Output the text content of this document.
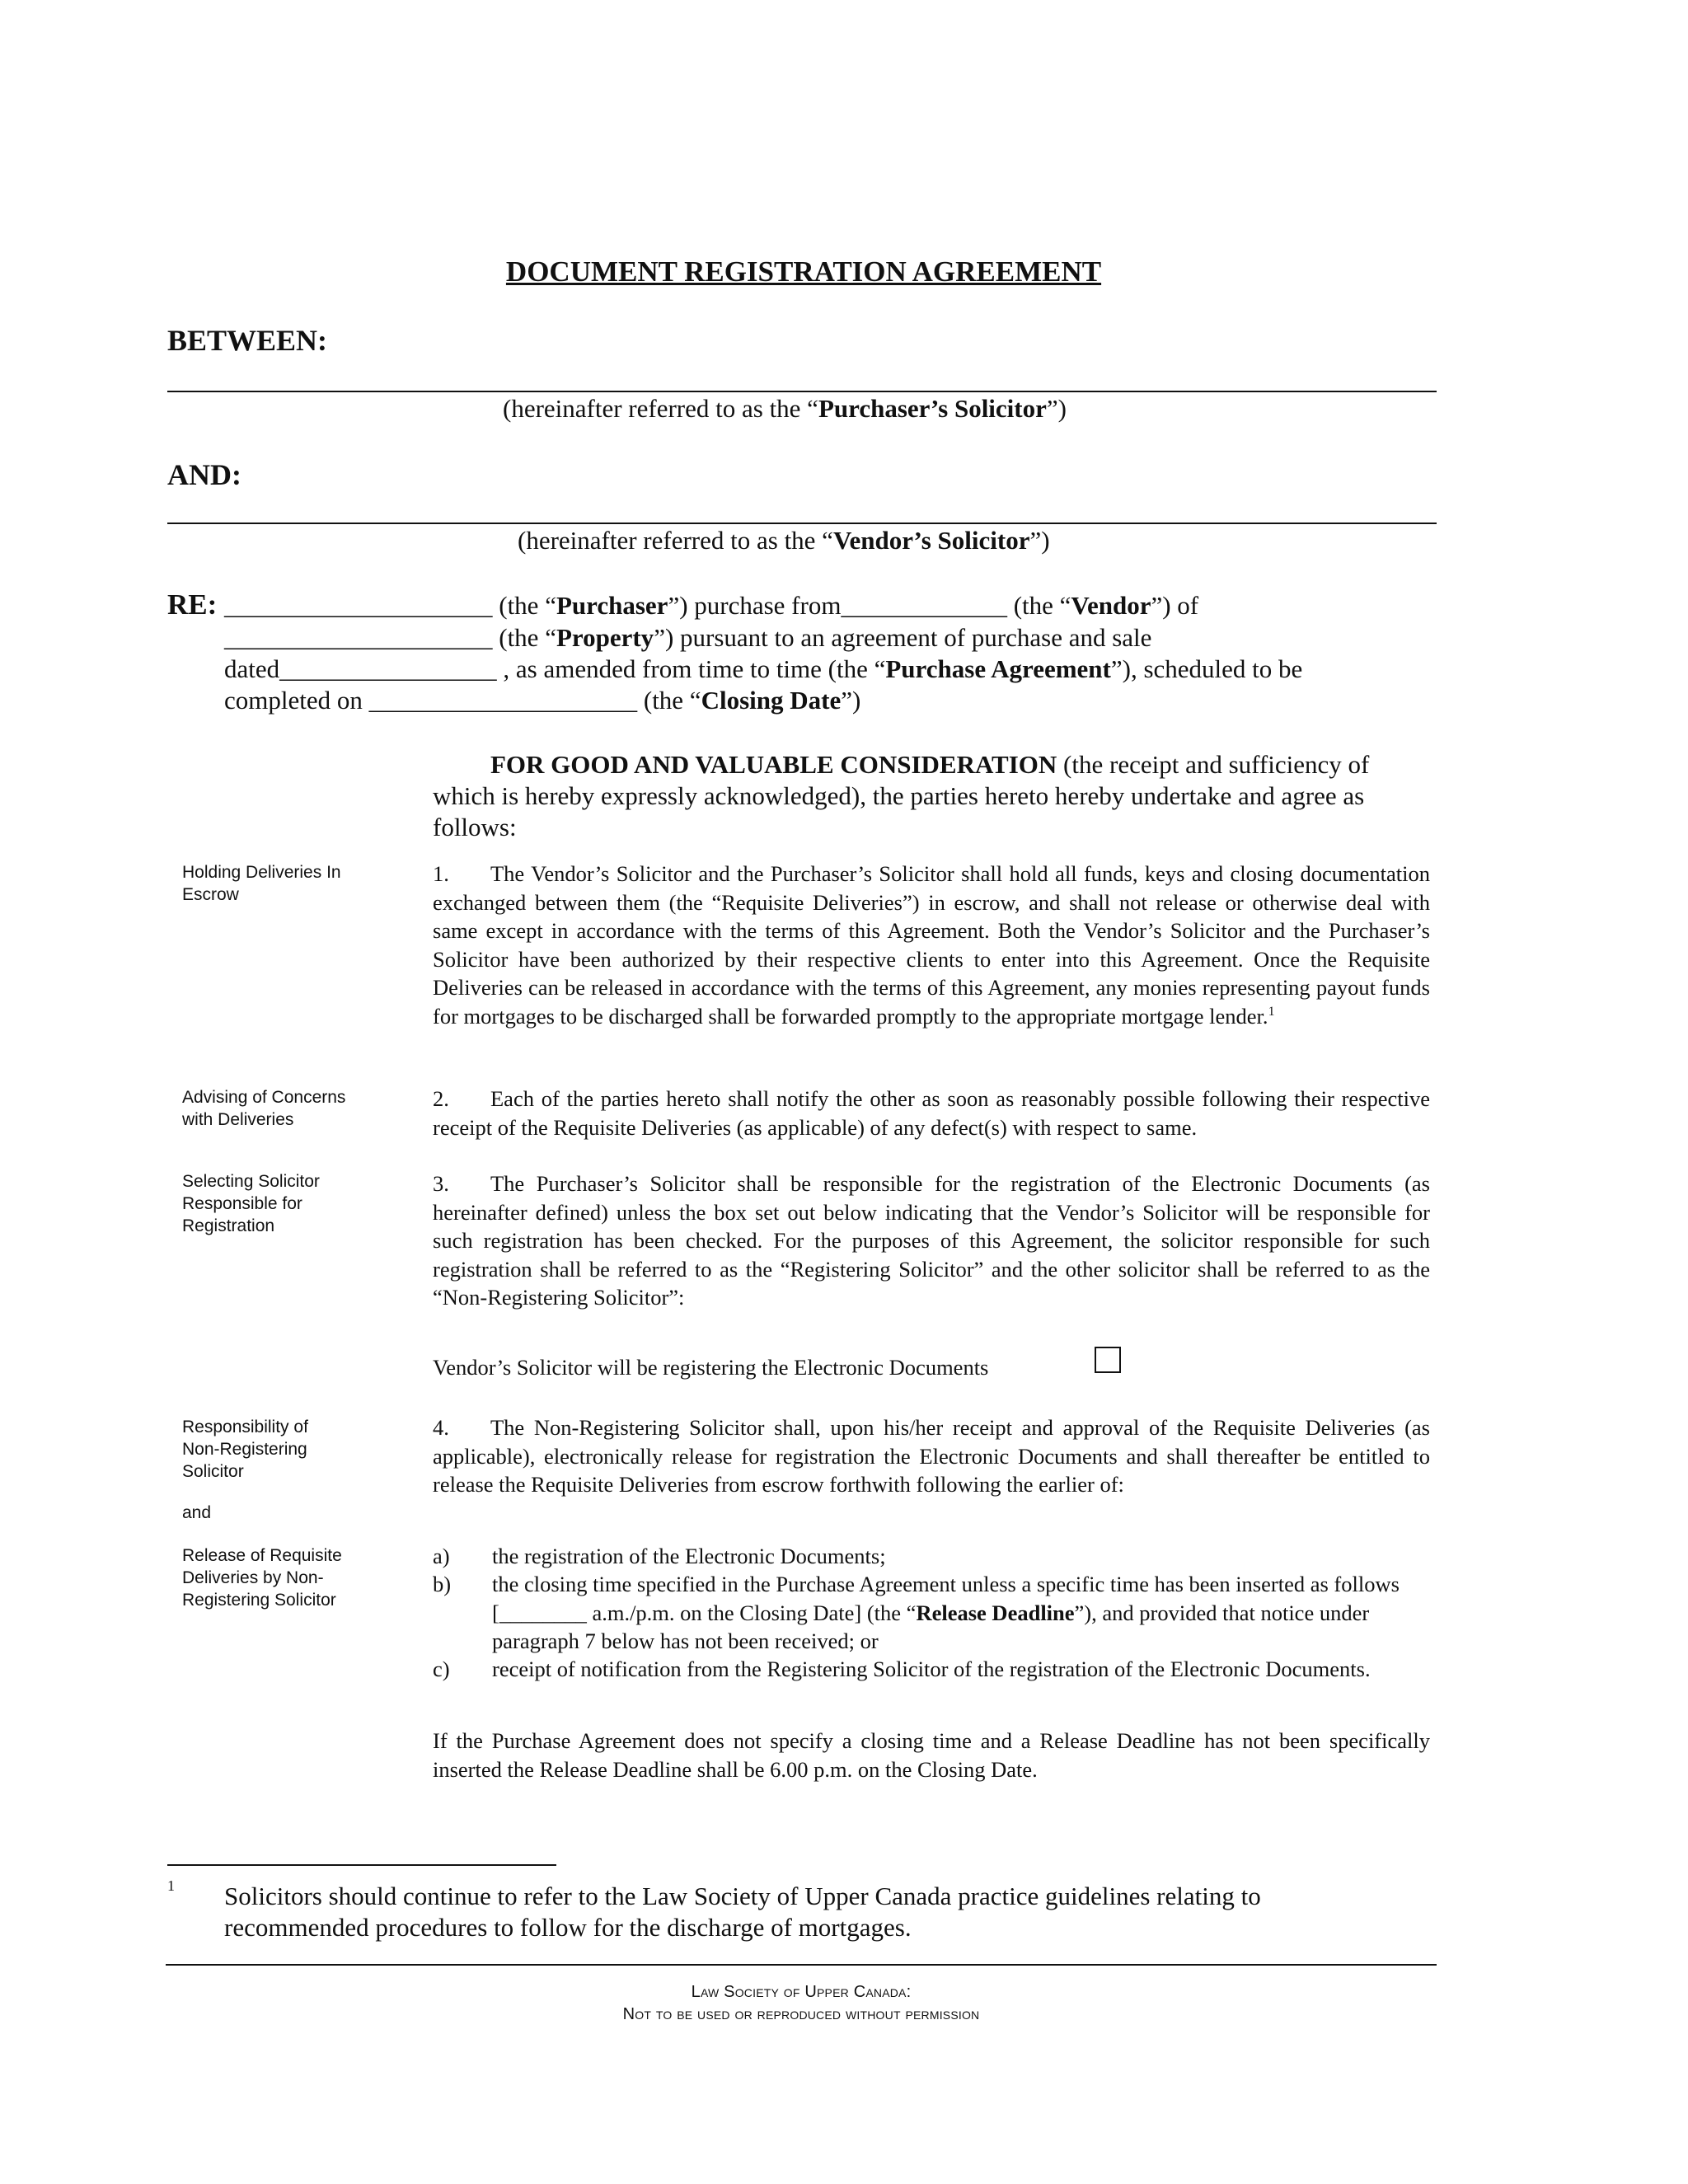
DOCUMENT REGISTRATION AGREEMENT
BETWEEN:
(hereinafter referred to as the “Purchaser’s Solicitor”)
AND:
(hereinafter referred to as the “Vendor’s Solicitor”)
RE: _____________________ (the “Purchaser”) purchase from_____________ (the “Vendor”) of
_____________________ (the “Property”) pursuant to an agreement of purchase and sale
dated_________________ , as amended from time to time (the “Purchase Agreement”), scheduled to be
completed on _____________________ (the “Closing Date”)
FOR GOOD AND VALUABLE CONSIDERATION (the receipt and sufficiency of which is hereby expressly acknowledged), the parties hereto hereby undertake and agree as follows:
Holding Deliveries In Escrow
Advising of Concerns with Deliveries
Selecting Solicitor Responsible for Registration
Responsibility of Non-Registering Solicitor
and
Release of Requisite Deliveries by Non-Registering Solicitor
1. The Vendor’s Solicitor and the Purchaser’s Solicitor shall hold all funds, keys and closing documentation exchanged between them (the “Requisite Deliveries”) in escrow, and shall not release or otherwise deal with same except in accordance with the terms of this Agreement. Both the Vendor’s Solicitor and the Purchaser’s Solicitor have been authorized by their respective clients to enter into this Agreement. Once the Requisite Deliveries can be released in accordance with the terms of this Agreement, any monies representing payout funds for mortgages to be discharged shall be forwarded promptly to the appropriate mortgage lender.$^1$
2. Each of the parties hereto shall notify the other as soon as reasonably possible following their respective receipt of the Requisite Deliveries (as applicable) of any defect(s) with respect to same.
3. The Purchaser’s Solicitor shall be responsible for the registration of the Electronic Documents (as hereinafter defined) unless the box set out below indicating that the Vendor’s Solicitor will be responsible for such registration has been checked. For the purposes of this Agreement, the solicitor responsible for such registration shall be referred to as the “Registering Solicitor” and the other solicitor shall be referred to as the “Non-Registering Solicitor”:
Vendor’s Solicitor will be registering the Electronic Documents
4. The Non-Registering Solicitor shall, upon his/her receipt and approval of the Requisite Deliveries (as applicable), electronically release for registration the Electronic Documents and shall thereafter be entitled to release the Requisite Deliveries from escrow forthwith following the earlier of:
a) the registration of the Electronic Documents;
b) the closing time specified in the Purchase Agreement unless a specific time has been inserted as follows [________ a.m./p.m. on the Closing Date] (the “Release Deadline”), and provided that notice under paragraph 7 below has not been received; or
c) receipt of notification from the Registering Solicitor of the registration of the Electronic Documents.
If the Purchase Agreement does not specify a closing time and a Release Deadline has not been specifically inserted the Release Deadline shall be 6.00 p.m. on the Closing Date.
1 Solicitors should continue to refer to the Law Society of Upper Canada practice guidelines relating to recommended procedures to follow for the discharge of mortgages.
Law Society of Upper Canada:
Not to be used or reproduced without permission
